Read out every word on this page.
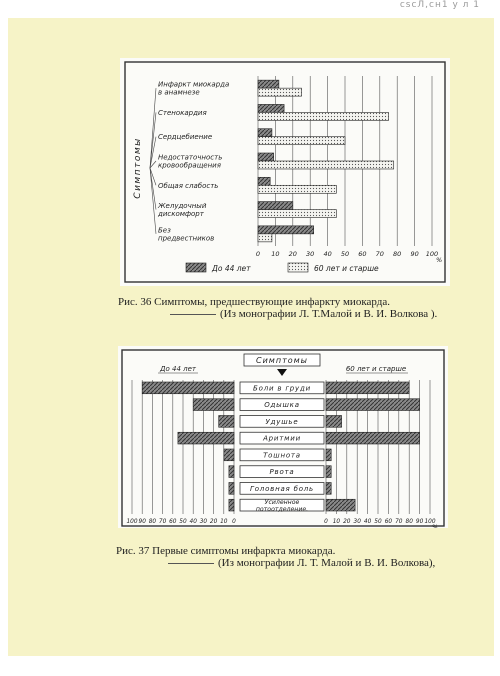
сѕсЛ,сн1 у л 1
0 10 20 30 40 50 60 70 80 90 100
%
Симптомы
Инфаркт миокарда
в анамнезе
Стенокардия
Сердцебиение
Недостаточность
кровообращения
Общая слабость
Желудочный
дискомфорт
Без
предвестников
До 44 лет	60 лет и старше
Рис. 36 Симптомы, предшествующие инфаркту миокарда.
(Из монографии Л. Т.Малой и В. И. Волкова ).
Симптомы
До 44 лет	60 лет и старше
100 90 80 70 60 50 40 30 20 10 0	0 10 20 30 40 50 60 70 80 90 100
%
Боли в груди
Одышка
Удушье
Аритмии
Тошнота
Рвота
Головная боль
Усиленное
потоотделение.
Рис. 37 Первые симптомы инфаркта миокарда.
(Из монографии Л. Т. Малой и В. И. Волкова),
